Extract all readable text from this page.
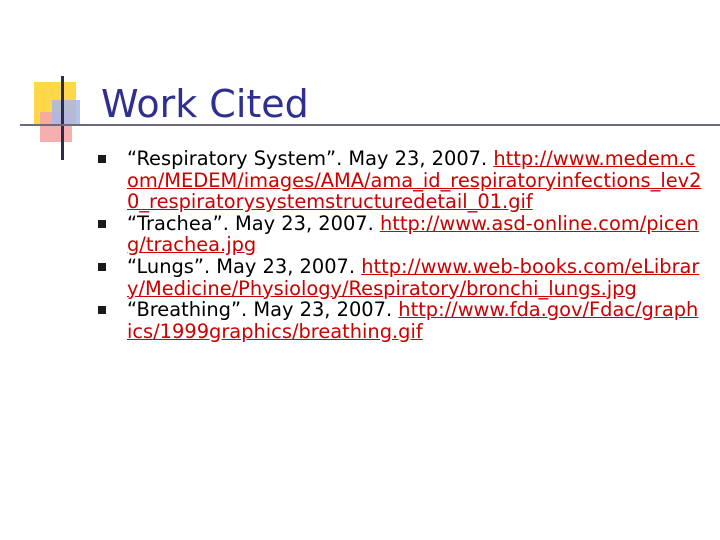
Work Cited
“Respiratory System”. May 23, 2007. http://www.medem.com/MEDEM/images/AMA/ama_id_respiratoryinfections_lev20_respiratorysystemstructuredetail_01.gif
“Trachea”. May 23, 2007. http://www.asd-online.com/piceng/trachea.jpg
“Lungs”. May 23, 2007. http://www.web-books.com/eLibrary/Medicine/Physiology/Respiratory/bronchi_lungs.jpg
“Breathing”. May 23, 2007. http://www.fda.gov/Fdac/graphics/1999graphics/breathing.gif
